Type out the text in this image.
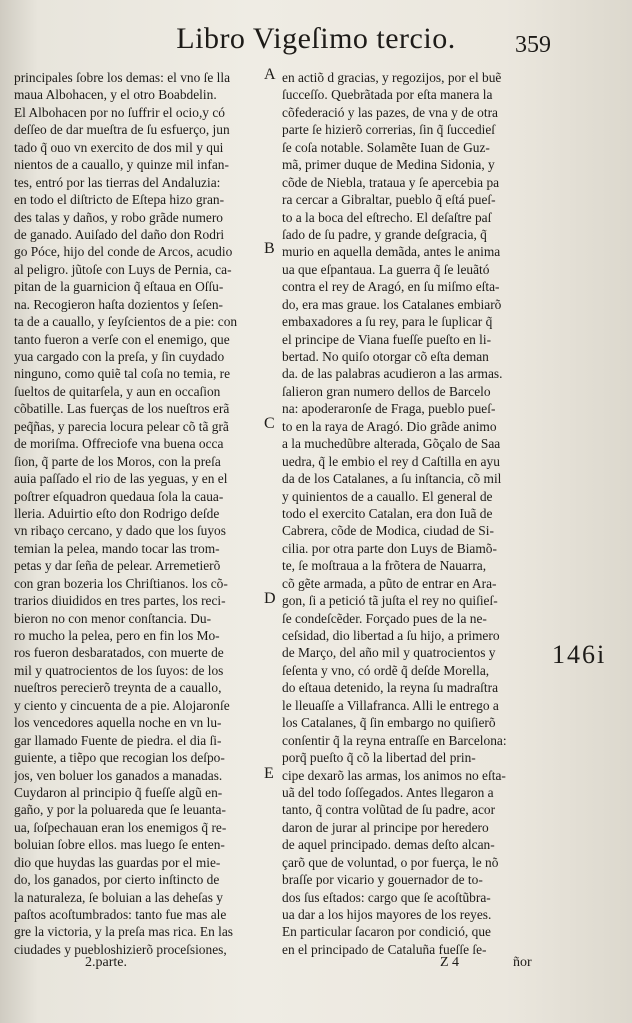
Libro Vigeſimo tercio.	359
principales ſobre los demas: el vno ſe lla
maua Albohacen, y el otro Boabdelin.
El Albohacen por no ſuffrir el ocio,y có
deſſeo de dar mueſtra de ſu esfuerço, jun
tado q̃ ouo vn exercito de dos mil y qui
nientos de a cauallo, y quinze mil infan-
tes, entró por las tierras del Andaluzia:
en todo el diſtricto de Eſtepa hizo gran-
des talas y daños, y robo grãde numero
de ganado. Auiſado del daño don Rodri
go Póce, hijo del conde de Arcos, acudio
al peligro. jũtoſe con Luys de Pernia, ca-
pitan de la guarnicion q̃ eſtaua en Oſſu-
na. Recogieron haſta dozientos y ſeſen-
ta de a cauallo, y ſeyſcientos de a pie: con
tanto fueron a verſe con el enemigo, que
yua cargado con la preſa, y ſin cuydado
ninguno, como quiẽ tal coſa no temia, re
ſueltos de quitarſela, y aun en occaſion
cõbatille. Las fuerças de los nueſtros erã
peq̃ñas, y parecia locura pelear cõ tã grã
de moriſma. Offreciofe vna buena occa
ſion, q̃ parte de los Moros, con la preſa
auia paſſado el rio de las yeguas, y en el
poſtrer eſquadron quedaua ſola la caua-
lleria. Aduirtio eſto don Rodrigo deſde
vn ribaço cercano, y dado que los ſuyos
temian la pelea, mando tocar las trom-
petas y dar ſeña de pelear. Arremetierõ
con gran bozeria los Chriſtianos. los cõ-
trarios diuididos en tres partes, los reci-
bieron no con menor conſtancia. Du-
ro mucho la pelea, pero en fin los Mo-
ros fueron desbaratados, con muerte de
mil y quatrocientos de los ſuyos: de los
nueſtros perecierõ treynta de a cauallo,
y ciento y cincuenta de a pie. Alojaronſe
los vencedores aquella noche en vn lu-
gar llamado Fuente de piedra. el dia ſi-
guiente, a tiẽpo que recogian los deſpo-
jos, ven boluer los ganados a manadas.
Cuydaron al principio q̃ fueſſe algũ en-
gaño, y por la poluareda que ſe leuanta-
ua, ſoſpechauan eran los enemigos q̃ re-
boluian ſobre ellos. mas luego ſe enten-
dio que huydas las guardas por el mie-
do, los ganados, por cierto inſtincto de
la naturaleza, ſe boluian a las deheſas y
paſtos acoſtumbrados: tanto fue mas ale
gre la victoria, y la preſa mas rica. En las
ciudades y puebloshizierõ proceſsiones,
en actiõ d gracias, y regozijos, por el buẽ
ſucceſſo. Quebrãtada por eſta manera la
cõfederació y las pazes, de vna y de otra
parte ſe hizierõ correrias, ſin q̃ ſuccedieſ
ſe coſa notable. Solamẽte Iuan de Guz-
mã, primer duque de Medina Sidonia, y
cõde de Niebla, trataua y ſe apercebia pa
ra cercar a Gibraltar, pueblo q̃ eſtá pueſ-
to a la boca del eſtrecho. El deſaſtre paſ
ſado de ſu padre, y grande deſgracia, q̃
murio en aquella demãda, antes le anima
ua que eſpantaua. La guerra q̃ ſe leuãtó
contra el rey de Aragó, en ſu miſmo eſta-
do, era mas graue. los Catalanes embiarõ
embaxadores a ſu rey, para le ſuplicar q̃
el principe de Viana fueſſe pueſto en li-
bertad. No quiſo otorgar cõ eſta deman
da. de las palabras acudieron a las armas.
ſalieron gran numero dellos de Barcelo
na: apoderaronſe de Fraga, pueblo pueſ-
to en la raya de Aragó. Dio grãde animo
a la muchedũbre alterada, Gõçalo de Saa
uedra, q̃ le embio el rey d Caſtilla en ayu
da de los Catalanes, a ſu inſtancia, cõ mil
y quinientos de a cauallo. El general de
todo el exercito Catalan, era don Iuã de
Cabrera, cõde de Modica, ciudad de Si-
cilia. por otra parte don Luys de Biamõ-
te, ſe moſtraua a la frõtera de Nauarra,
cõ gẽte armada, a pũto de entrar en Ara-
gon, ſi a petició tã juſta el rey no quiſieſ-
ſe condeſcẽder. Forçado pues de la ne-
ceſsidad, dio libertad a ſu hijo, a primero
de Março, del año mil y quatrocientos y
ſeſenta y vno, có ordẽ q̃ deſde Morella,
do eſtaua detenido, la reyna ſu madraſtra
le lleuaſſe a Villafranca. Alli le entrego a
los Catalanes, q̃ ſin embargo no quiſierõ
conſentir q̃ la reyna entraſſe en Barcelona:
porq̃ pueſto q̃ cõ la libertad del prin-
cipe dexarõ las armas, los animos no eſta-
uã del todo ſoſſegados. Antes llegaron a
tanto, q̃ contra volũtad de ſu padre, acor
daron de jurar al principe por heredero
de aquel principado. demas deſto alcan-
çarõ que de voluntad, o por fuerça, le nõ
braſſe por vicario y gouernador de to-
dos ſus eſtados: cargo que ſe acoſtũbra-
ua dar a los hijos mayores de los reyes.
En particular ſacaron por condició, que
en el principado de Cataluña fueſſe ſe-
A
B
C
D
E
146i
2.parte.	Z 4	ñor
